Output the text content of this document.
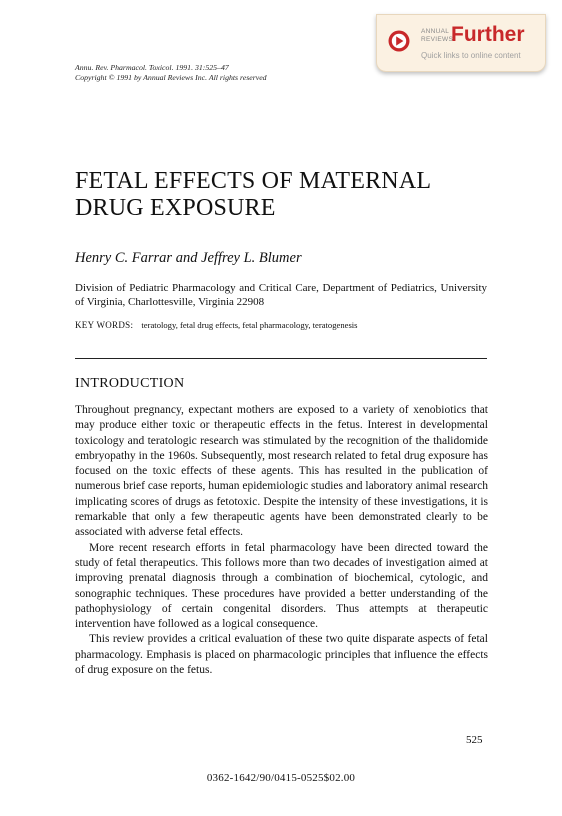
Annu. Rev. Pharmacol. Toxicol. 1991. 31:525–47
Copyright © 1991 by Annual Reviews Inc. All rights reserved
ANNUAL
REVIEWS
Further
Quick links to online content
FETAL EFFECTS OF MATERNAL
DRUG EXPOSURE
Henry C. Farrar and Jeffrey L. Blumer
Division of Pediatric Pharmacology and Critical Care, Department of Pediatrics, University of Virginia, Charlottesville, Virginia 22908
KEY WORDS: teratology, fetal drug effects, fetal pharmacology, teratogenesis
INTRODUCTION

Throughout pregnancy, expectant mothers are exposed to a variety of xenobiotics that may produce either toxic or therapeutic effects in the fetus. Interest in developmental toxicology and teratologic research was stimulated by the recognition of the thalidomide embryopathy in the 1960s. Subsequently, most research related to fetal drug exposure has focused on the toxic effects of these agents. This has resulted in the publication of numerous brief case reports, human epidemiologic studies and laboratory animal research implicating scores of drugs as fetotoxic. Despite the intensity of these investigations, it is remarkable that only a few therapeutic agents have been demonstrated clearly to be associated with adverse fetal effects.

More recent research efforts in fetal pharmacology have been directed toward the study of fetal therapeutics. This follows more than two decades of investigation aimed at improving prenatal diagnosis through a combination of biochemical, cytologic, and sonographic techniques. These procedures have provided a better understanding of the pathophysiology of certain congenital disorders. Thus attempts at therapeutic intervention have followed as a logical consequence.

This review provides a critical evaluation of these two quite disparate aspects of fetal pharmacology. Emphasis is placed on pharmacologic principles that influence the effects of drug exposure on the fetus.

525
0362-1642/90/0415-0525$02.00
